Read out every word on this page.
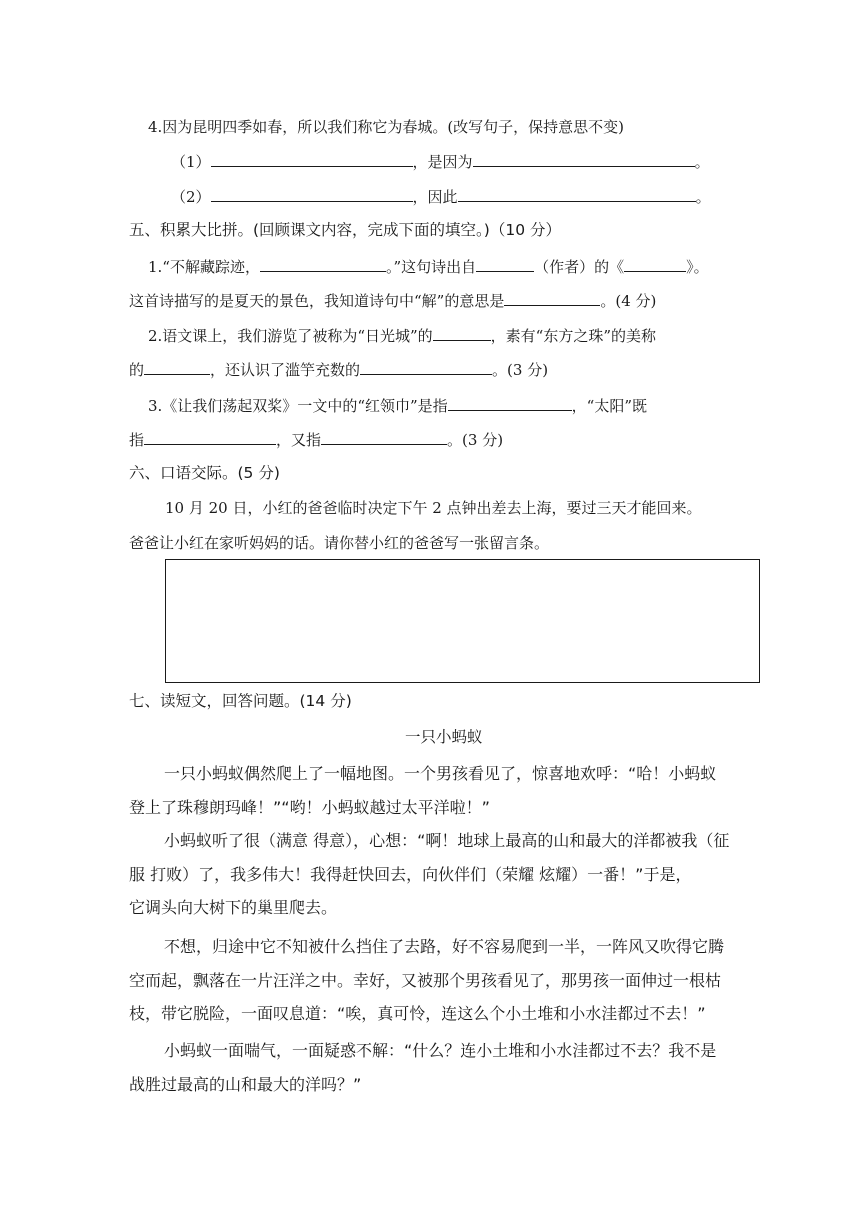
4.因为昆明四季如春，所以我们称它为春城。(改写句子，保持意思不变)
（1）	，是因为	。
（2）	，因此	。
五、积累大比拼。(回顾课文内容，完成下面的填空。)（10 分）
1.“不解藏踪迹，	。”这句诗出自	（作者）的《	》。
这首诗描写的是夏天的景色，我知道诗句中“解”的意思是	。(4 分)
2.语文课上，我们游览了被称为“日光城”的	，素有“东方之珠”的美称
的	，还认识了滥竽充数的	。(3 分)
3.《让我们荡起双桨》一文中的“红领巾”是指	，“太阳”既
指	，又指	。(3 分)
六、口语交际。(5 分)
10 月 20 日，小红的爸爸临时决定下午 2 点钟出差去上海，要过三天才能回来。
爸爸让小红在家听妈妈的话。请你替小红的爸爸写一张留言条。
七、读短文，回答问题。(14 分)
一只小蚂蚁
一只小蚂蚁偶然爬上了一幅地图。一个男孩看见了，惊喜地欢呼：“哈！小蚂蚁
登上了珠穆朗玛峰！”“哟！小蚂蚁越过太平洋啦！”
小蚂蚁听了很（满意 得意），心想：“啊！地球上最高的山和最大的洋都被我（征
服 打败）了，我多伟大！我得赶快回去，向伙伴们（荣耀 炫耀）一番！”于是，
它调头向大树下的巢里爬去。
不想，归途中它不知被什么挡住了去路，好不容易爬到一半，一阵风又吹得它腾
空而起，飘落在一片汪洋之中。幸好，又被那个男孩看见了，那男孩一面伸过一根枯
枝，带它脱险，一面叹息道：“唉，真可怜，连这么个小土堆和小水洼都过不去！”
小蚂蚁一面喘气，一面疑惑不解：“什么？连小土堆和小水洼都过不去？我不是
战胜过最高的山和最大的洋吗？”
